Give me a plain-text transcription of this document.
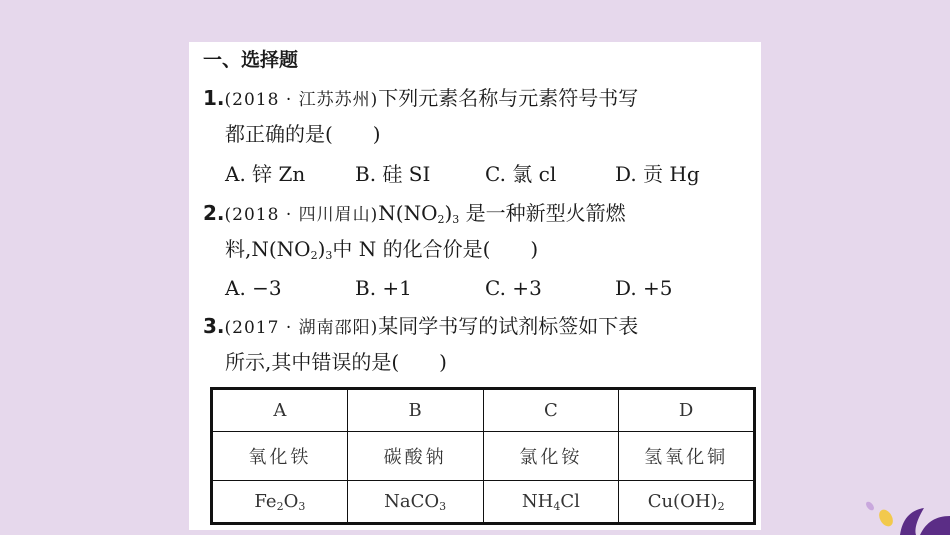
一、选择题
1.(2018 · 江苏苏州)下列元素名称与元素符号书写
都正确的是(　　)
A. 锌 Zn B. 硅 SI	C. 氯 cl	D. 贡 Hg
2.(2018 · 四川眉山)$N(NO_2)_3$ 是一种新型火箭燃
料$,N(NO_2)_3$中 N 的化合价是(　　)
A. −3	B. +1	C. +3	D. +5
3.(2017 · 湖南邵阳)某同学书写的试剂标签如下表
所示,其中错误的是(　　)
A	B	C	D
氧化铁	碳酸钠	氯化铵	氢氧化铜
$Fe_2O_3$	NaCO$_3$	$NH_4Cl$	$Cu(OH)_2$
